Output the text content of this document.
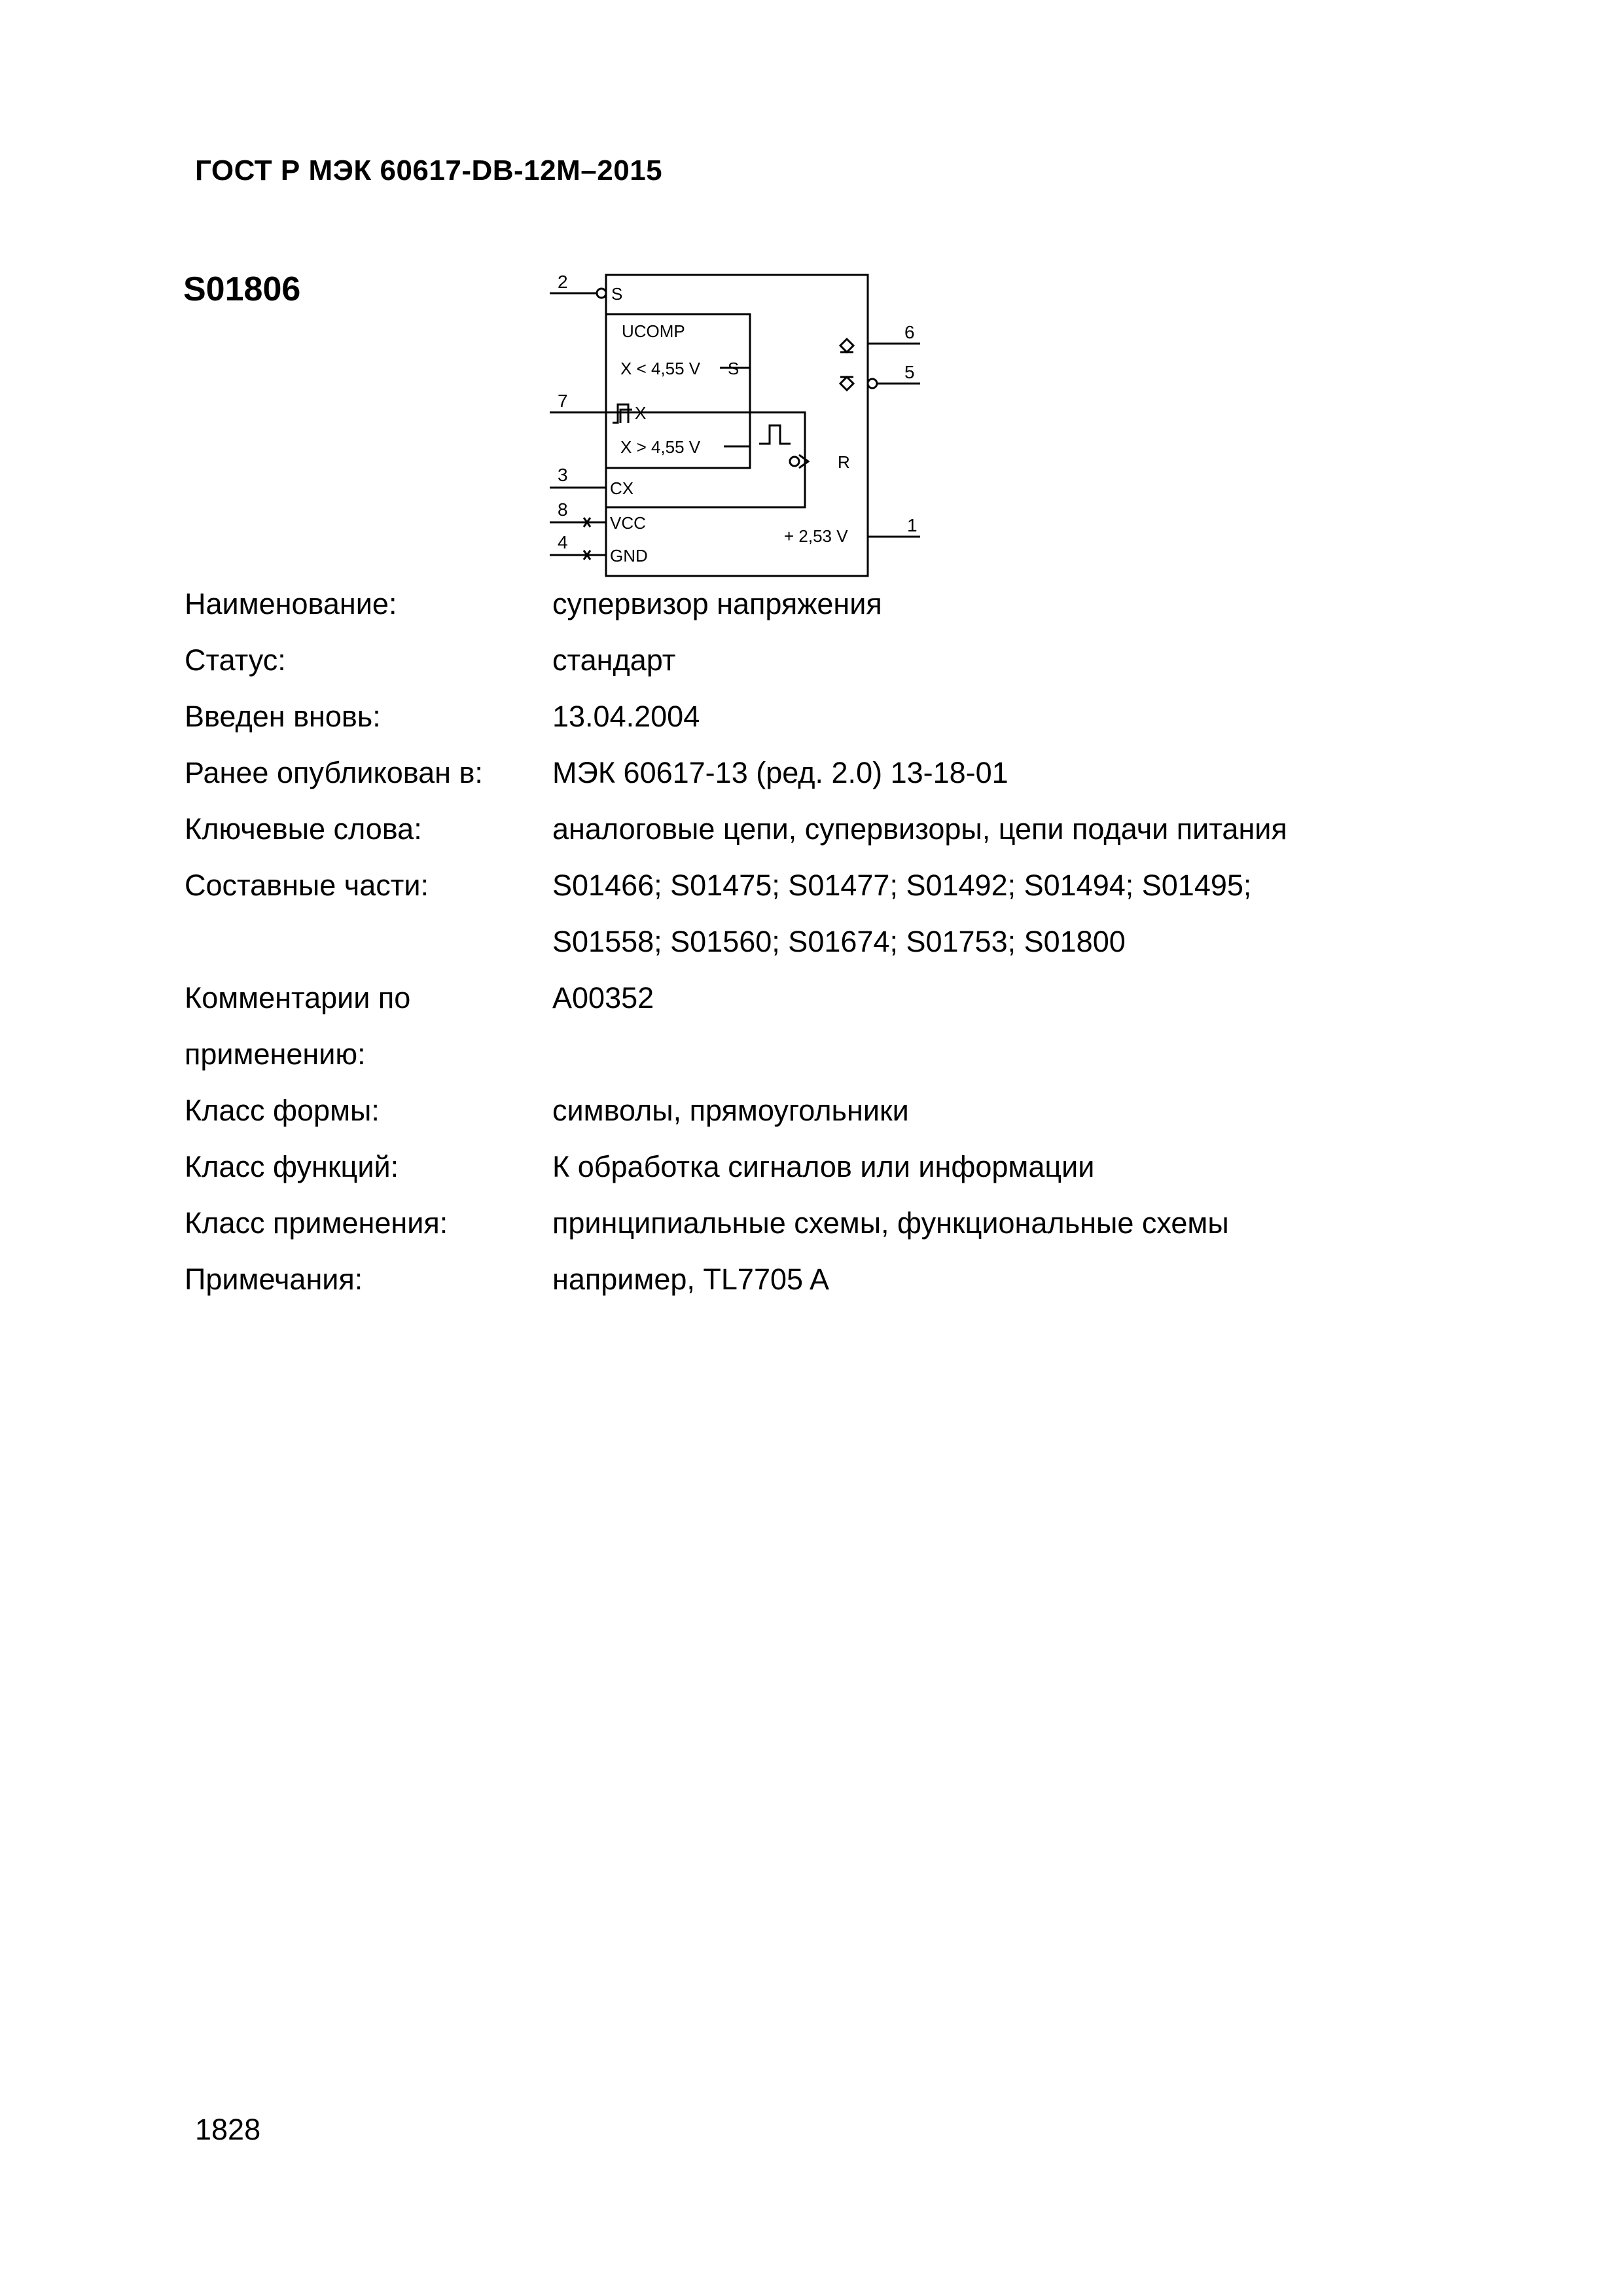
ГОСТ Р МЭК 60617-DB-12М–2015
S01806	2
S
UCOMP
X < 4,55 V S
7
X
X > 4,55 V
R
3
CX
8
VCC
4
GND
6
5
+ 2,53 V
1
Наименование:	супервизор напряжения
Статус:	стандарт
Введен вновь:	13.04.2004
Ранее опубликован в:	МЭК 60617-13 (ред. 2.0) 13-18-01
Ключевые слова:	аналоговые цепи, супервизоры, цепи подачи питания
Составные части:	S01466; S01475; S01477; S01492; S01494; S01495;
S01558; S01560; S01674; S01753; S01800
Комментарии по	A00352
применению:
Класс формы:	символы, прямоугольники
Класс функций:	К обработка сигналов или информации
Класс применения:	принципиальные схемы, функциональные схемы
Примечания:	например, TL7705 A
1828
